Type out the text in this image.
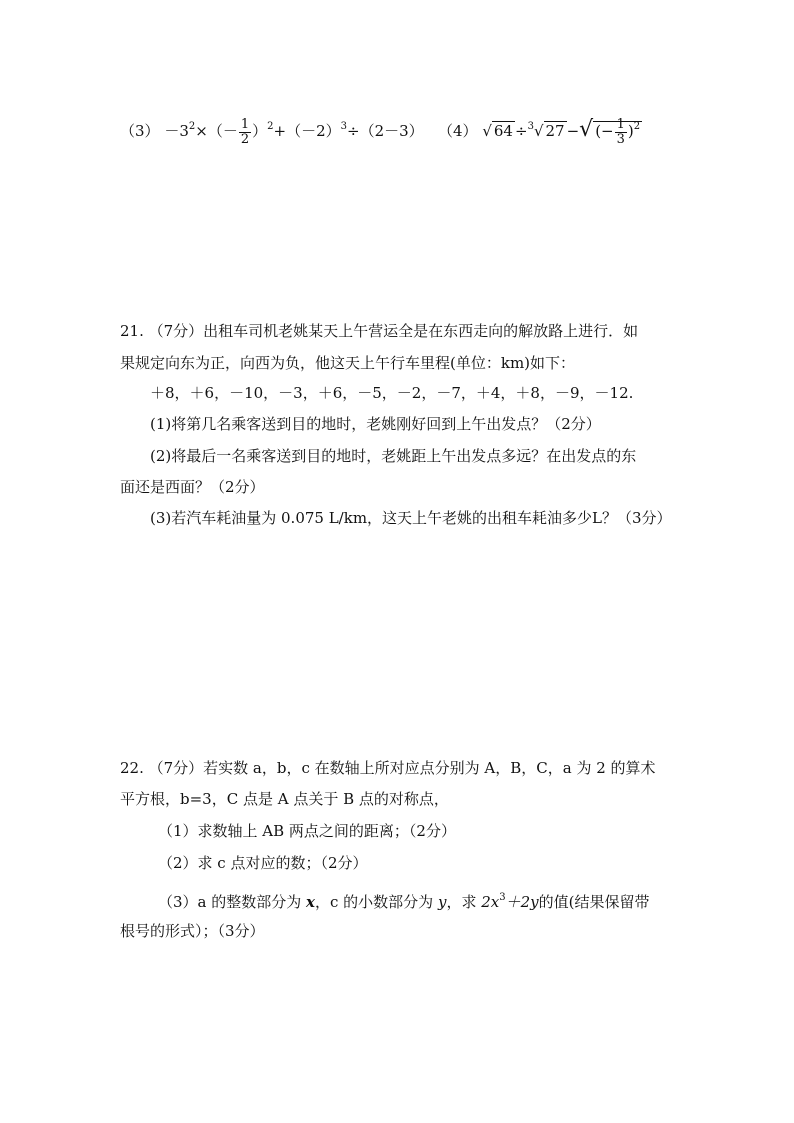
$(3) -3^2\times(- \frac{1}{2} )^2+(-2)^3\div(2-3)$ （4） √ 64 ÷$^3$√ 27 −√ (− $\frac{1}{3} )^2$
21. （7分）出租车司机老姚某天上午营运全是在东西走向的解放路上进行．如
果规定向东为正，向西为负，他这天上午行车里程(单位：km)如下：
＋8，＋6，－10，－3，＋6，－5，－2，－7，＋4，＋8，－9，－12.
(1)将第几名乘客送到目的地时，老姚刚好回到上午出发点？（2分）
(2)将最后一名乘客送到目的地时，老姚距上午出发点多远？在出发点的东
面还是西面？（2分）
(3)若汽车耗油量为 0.075 L/km，这天上午老姚的出租车耗油多少L？（3分）
22. （7分）若实数 a，b，c 在数轴上所对应点分别为 A，B，C，a 为 2 的算术
平方根，b=3，C 点是 A 点关于 B 点的对称点，
（1）求数轴上 AB 两点之间的距离；（2分）
（2）求 c 点对应的数；（2分）
（3）a 的整数部分为 x，c 的小数部分为 y，求 $2x^3+2y$的值(结果保留带
根号的形式）；（3分）
